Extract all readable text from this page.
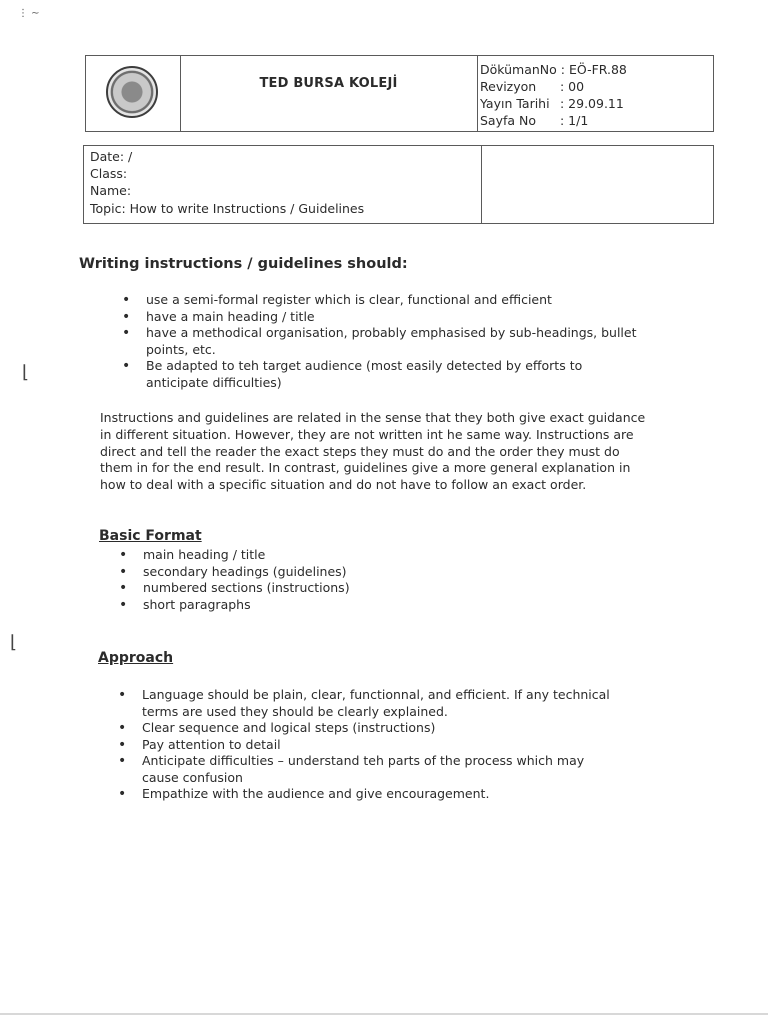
⋮ ∼
⌊
⌊
TED BURSA KOLEJİ
DökümanNo : EÖ-FR.88
Revizyon : 00
Yayın Tarihi : 29.09.11
Sayfa No : 1/1
Date: /
Class:
Name:
Topic: How to write Instructions / Guidelines
Writing instructions / guidelines should:
• use a semi-formal register which is clear, functional and efficient
• have a main heading / title
• have a methodical organisation, probably emphasised by sub-headings, bullet points, etc.
• Be adapted to teh target audience (most easily detected by efforts to anticipate difficulties)

Instructions and guidelines are related in the sense that they both give exact guidance in different situation. However, they are not written int he same way. Instructions are direct and tell the reader the exact steps they must do and the order they must do them in for the end result. In contrast, guidelines give a more general explanation in how to deal with a specific situation and do not have to follow an exact order.

Basic Format
• main heading / title
• secondary headings (guidelines)
• numbered sections (instructions)
• short paragraphs
Approach
• Language should be plain, clear, functionnal, and efficient. If any technical terms are used they should be clearly explained.
• Clear sequence and logical steps (instructions)
• Pay attention to detail
• Anticipate difficulties – understand teh parts of the process which may cause confusion
• Empathize with the audience and give encouragement.
